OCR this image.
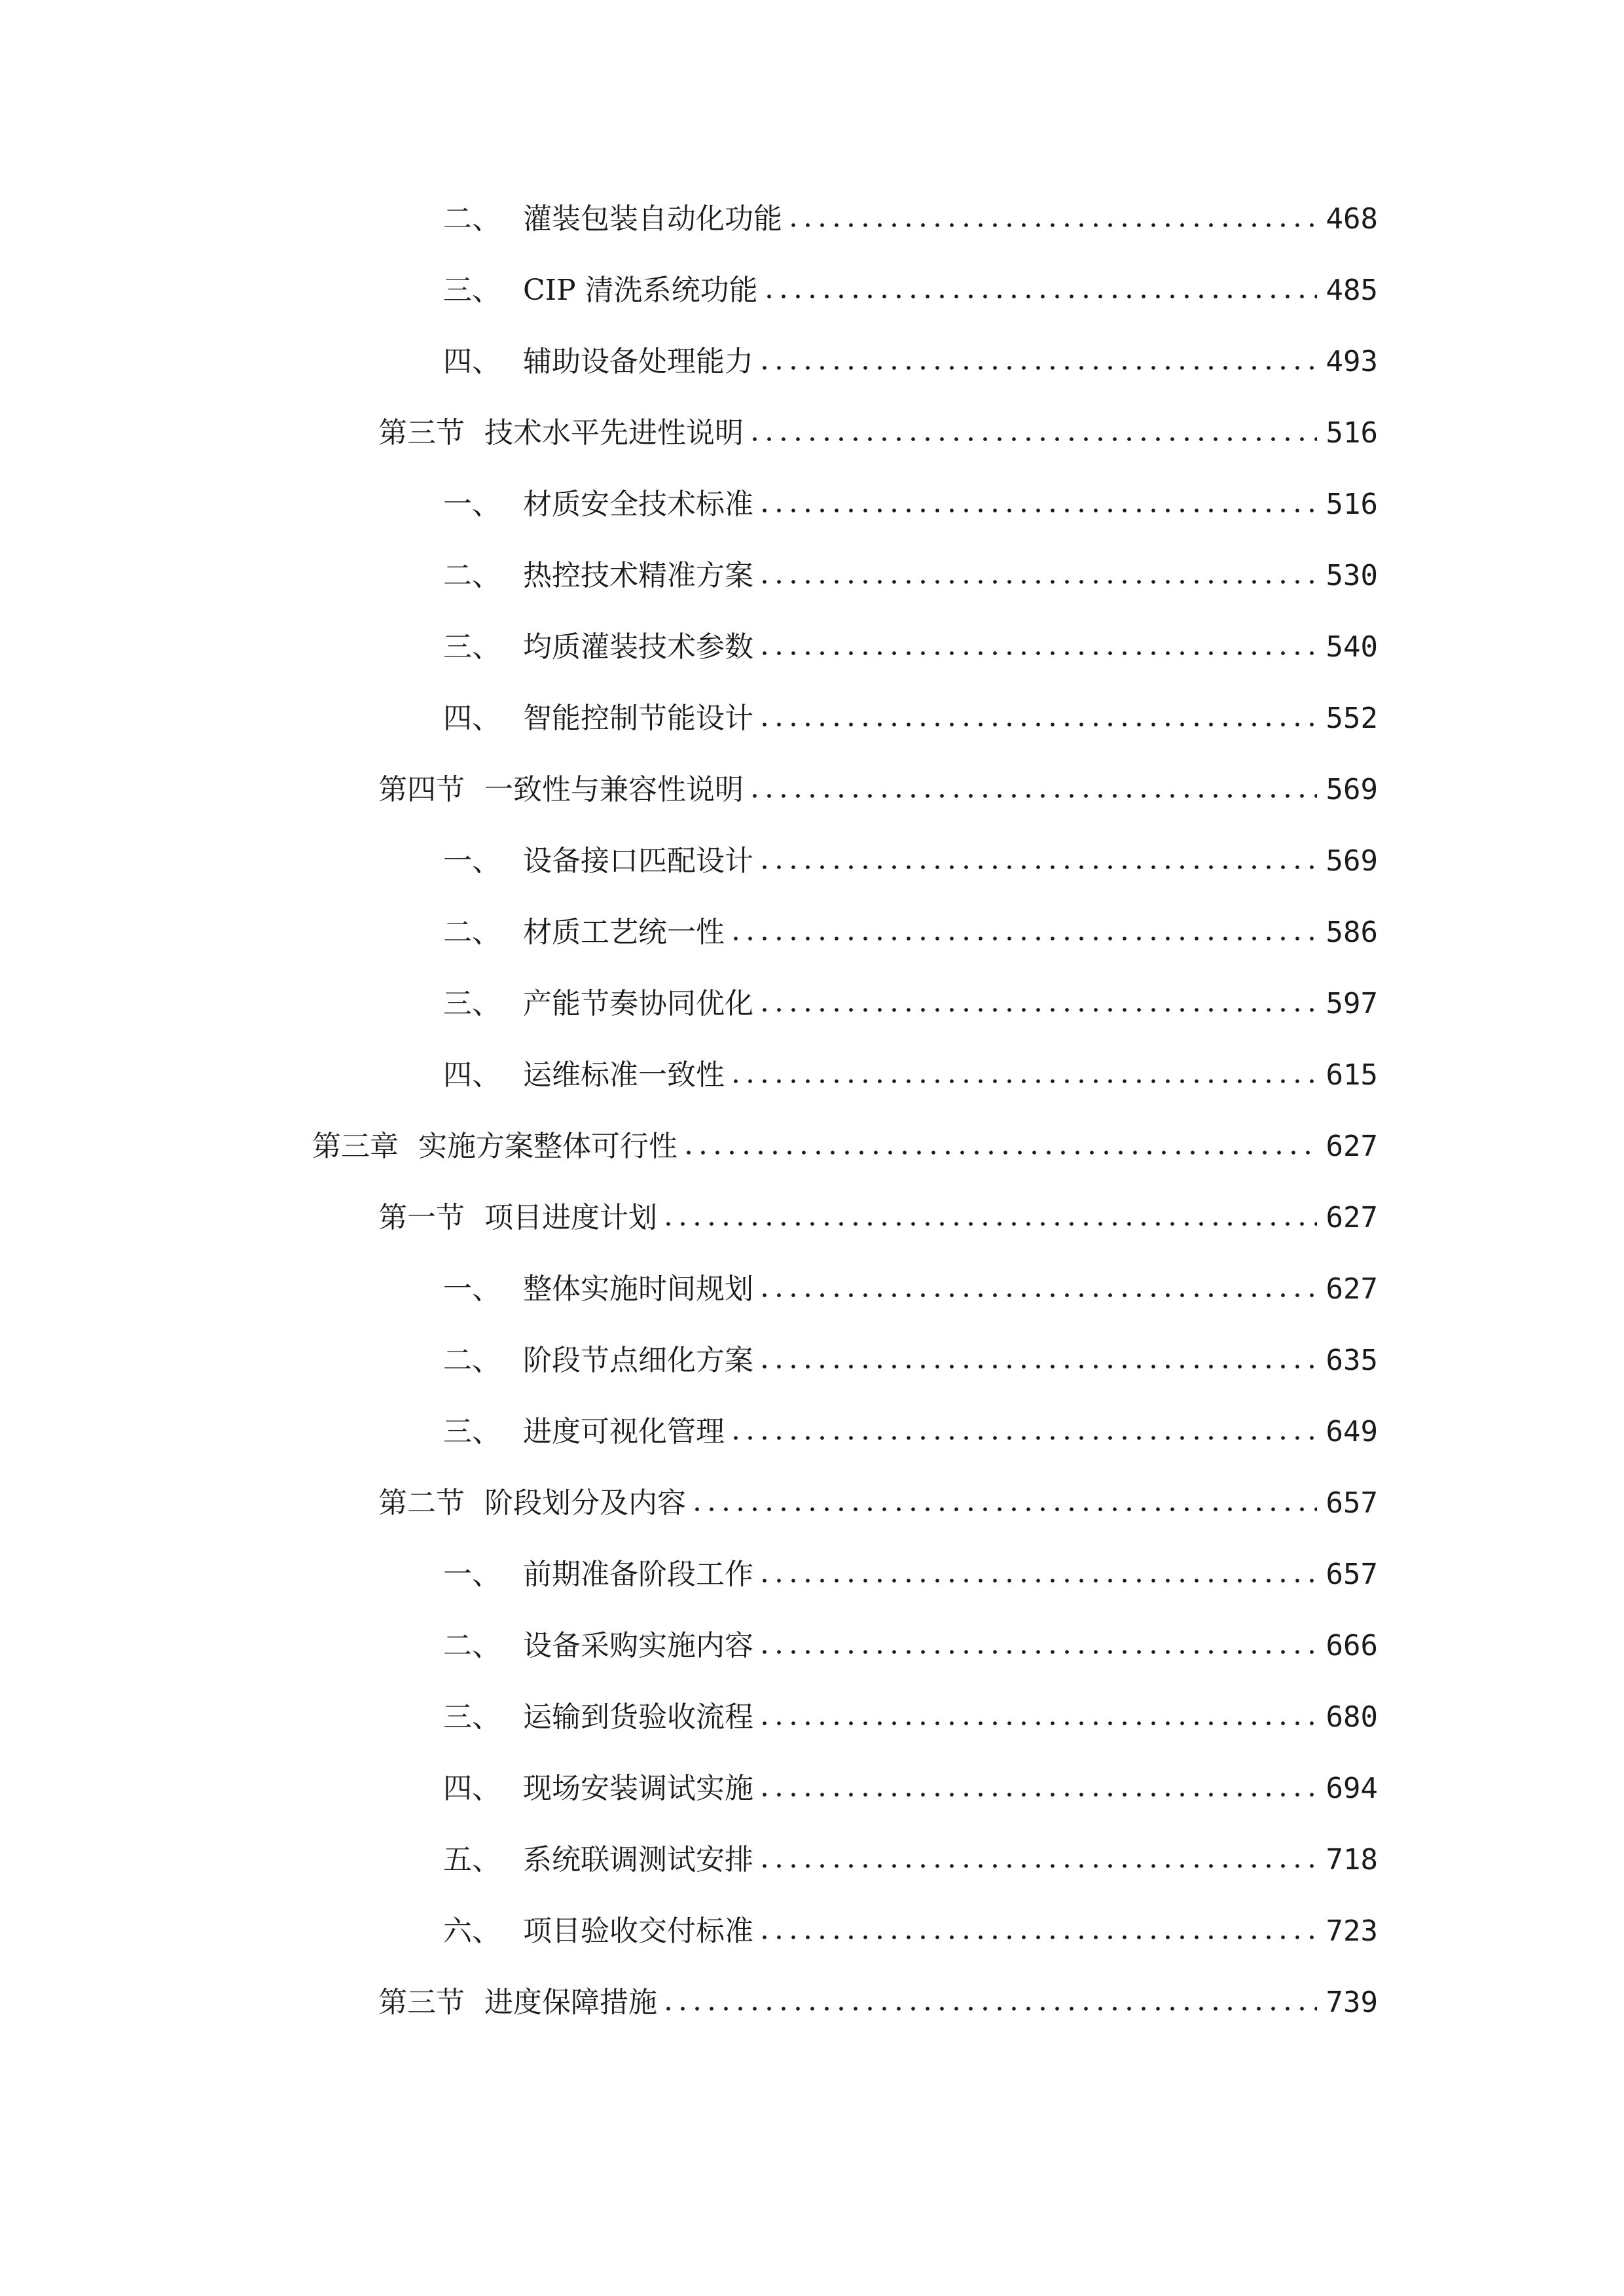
二、 灌装包装自动化功能	468
三、 CIP 清洗系统功能	485
四、 辅助设备处理能力	493
第三节 技术水平先进性说明	516
一、 材质安全技术标准	516
二、 热控技术精准方案	530
三、 均质灌装技术参数	540
四、 智能控制节能设计	552
第四节 一致性与兼容性说明	569
一、 设备接口匹配设计	569
二、 材质工艺统一性	586
三、 产能节奏协同优化	597
四、 运维标准一致性	615
第三章 实施方案整体可行性	627
第一节 项目进度计划	627
一、 整体实施时间规划	627
二、 阶段节点细化方案	635
三、 进度可视化管理	649
第二节 阶段划分及内容	657
一、 前期准备阶段工作	657
二、 设备采购实施内容	666
三、 运输到货验收流程	680
四、 现场安装调试实施	694
五、 系统联调测试安排	718
六、 项目验收交付标准	723
第三节 进度保障措施	739
